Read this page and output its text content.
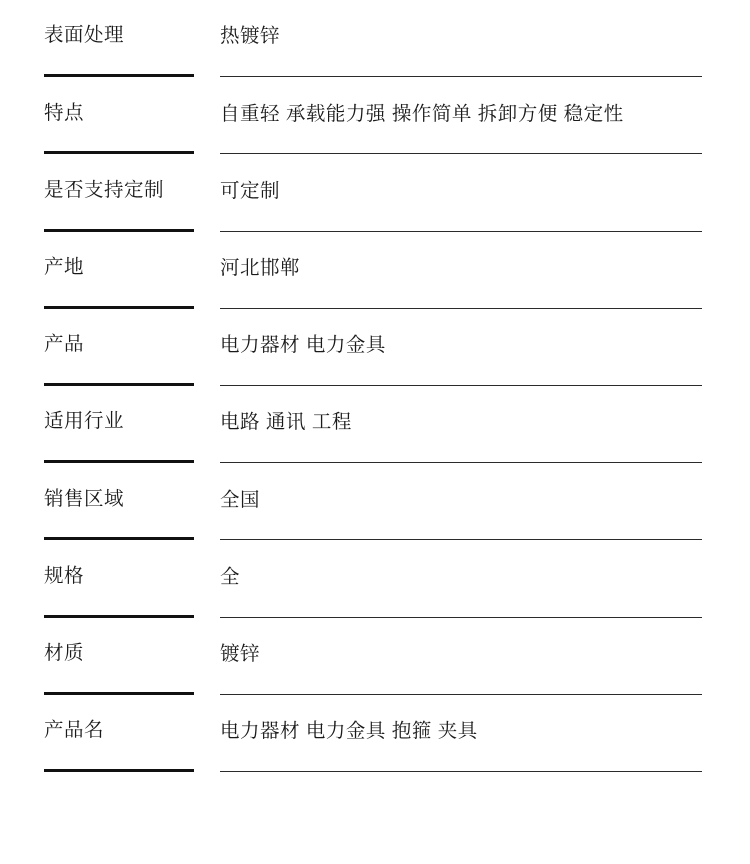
表面处理	热镀锌
特点	自重轻 承载能力强 操作简单 拆卸方便 稳定性
是否支持定制	可定制
产地	河北邯郸
产品	电力器材 电力金具
适用行业	电路 通讯 工程
销售区域	全国
规格	全
材质	镀锌
产品名	电力器材 电力金具 抱箍 夹具
